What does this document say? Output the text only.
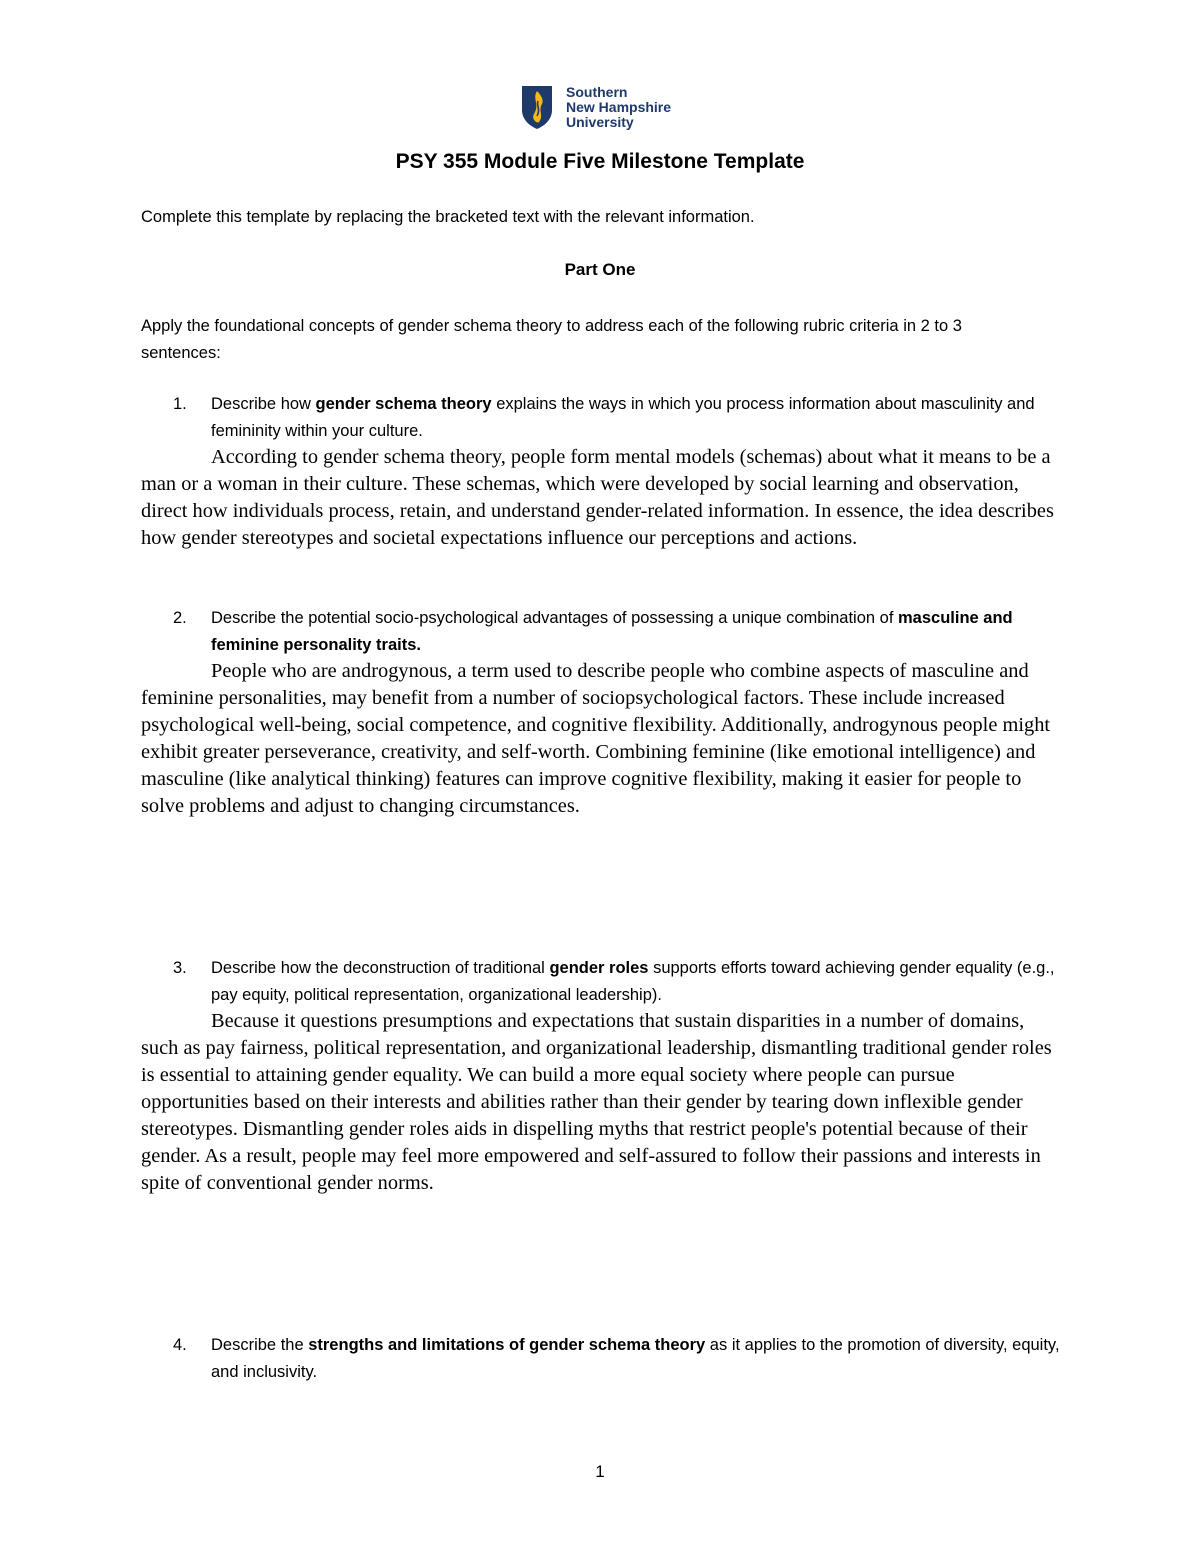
Southern
New Hampshire
University
PSY 355 Module Five Milestone Template
Complete this template by replacing the bracketed text with the relevant information.
Part One
Apply the foundational concepts of gender schema theory to address each of the following rubric criteria in 2 to 3 sentences:
1. Describe how gender schema theory explains the ways in which you process information about masculinity and femininity within your culture.
According to gender schema theory, people form mental models (schemas) about what it means to be a man or a woman in their culture. These schemas, which were developed by social learning and observation, direct how individuals process, retain, and understand gender-related information. In essence, the idea describes how gender stereotypes and societal expectations influence our perceptions and actions.
2. Describe the potential socio-psychological advantages of possessing a unique combination of masculine and feminine personality traits.
People who are androgynous, a term used to describe people who combine aspects of masculine and feminine personalities, may benefit from a number of sociopsychological factors. These include increased psychological well-being, social competence, and cognitive flexibility. Additionally, androgynous people might exhibit greater perseverance, creativity, and self-worth. Combining feminine (like emotional intelligence) and masculine (like analytical thinking) features can improve cognitive flexibility, making it easier for people to solve problems and adjust to changing circumstances.
3. Describe how the deconstruction of traditional gender roles supports efforts toward achieving gender equality (e.g., pay equity, political representation, organizational leadership).
Because it questions presumptions and expectations that sustain disparities in a number of domains, such as pay fairness, political representation, and organizational leadership, dismantling traditional gender roles is essential to attaining gender equality. We can build a more equal society where people can pursue opportunities based on their interests and abilities rather than their gender by tearing down inflexible gender stereotypes. Dismantling gender roles aids in dispelling myths that restrict people's potential because of their gender. As a result, people may feel more empowered and self-assured to follow their passions and interests in spite of conventional gender norms.
4. Describe the strengths and limitations of gender schema theory as it applies to the promotion of diversity, equity, and inclusivity.
1
